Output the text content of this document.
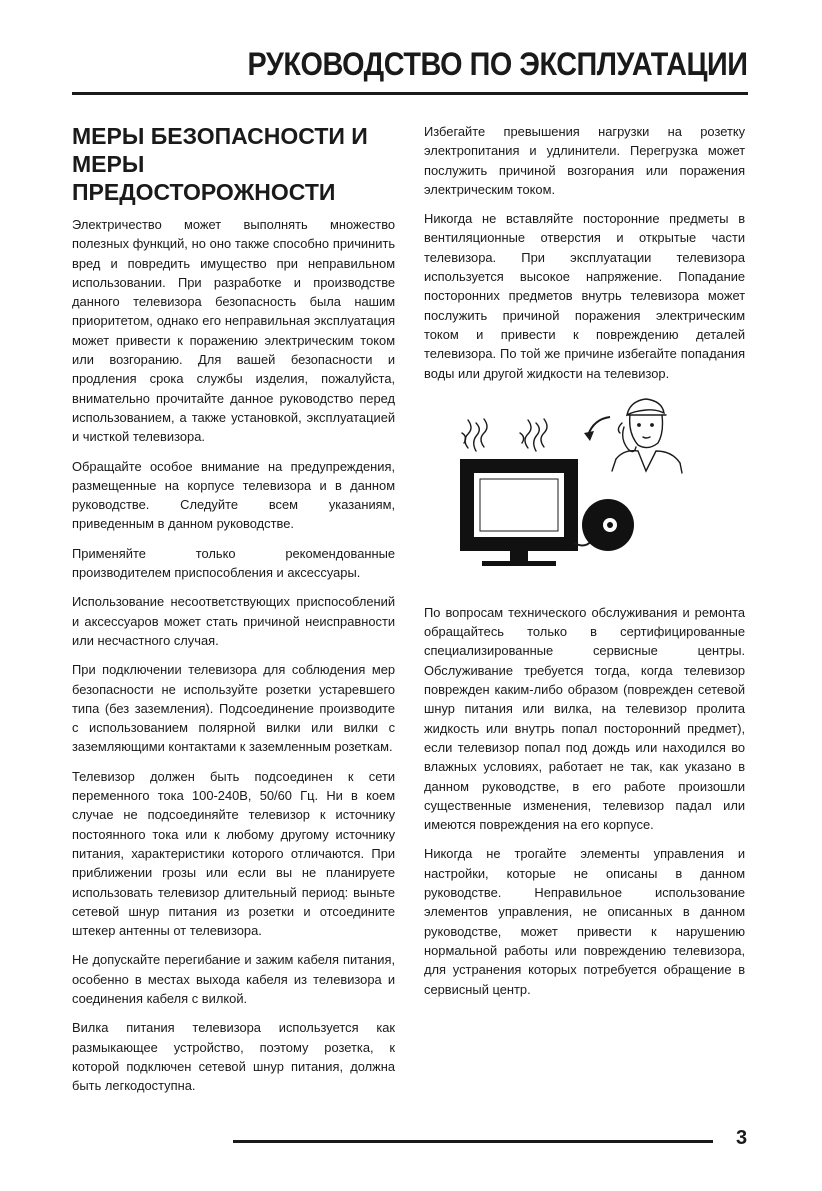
РУКОВОДСТВО ПО ЭКСПЛУАТАЦИИ
МЕРЫ БЕЗОПАСНОСТИ И МЕРЫ ПРЕДОСТОРОЖНОСТИ

Электричество может выполнять множество полезных функций, но оно также способно причинить вред и повредить имущество при неправильном использовании. При разработке и производстве данного телевизора безопасность была нашим приоритетом, однако его неправильная эксплуатация может привести к поражению электрическим током или возгоранию. Для вашей безопасности и продления срока службы изделия, пожалуйста, внимательно прочитайте данное руководство перед использованием, а также установкой, эксплуатацией и чисткой телевизора.

Обращайте особое внимание на предупреждения, размещенные на корпусе телевизора и в данном руководстве. Следуйте всем указаниям, приведенным в данном руководстве.

Применяйте только рекомендованные производителем приспособления и аксессуары.

Использование несоответствующих приспособлений и аксессуаров может стать причиной неисправности или несчастного случая.

При подключении телевизора для соблюдения мер безопасности не используйте розетки устаревшего типа (без заземления). Подсоединение производите с использованием полярной вилки или вилки с заземляющими контактами к заземленным розеткам.

Телевизор должен быть подсоединен к сети переменного тока 100-240В, 50/60 Гц. Ни в коем случае не подсоединяйте телевизор к источнику постоянного тока или к любому другому источнику питания, характеристики которого отличаются. При приближении грозы или если вы не планируете использовать телевизор длительный период: выньте сетевой шнур питания из розетки и отсоедините штекер антенны от телевизора.

Не допускайте перегибание и зажим кабеля питания, особенно в местах выхода кабеля из телевизора и соединения кабеля с вилкой.

Вилка питания телевизора используется как размыкающее устройство, поэтому розетка, к которой подключен сетевой шнур питания, должна быть легкодоступна.

Избегайте превышения нагрузки на розетку электропитания и удлинители. Перегрузка может послужить причиной возгорания или поражения электрическим током.

Никогда не вставляйте посторонние предметы в вентиляционные отверстия и открытые части телевизора. При эксплуатации телевизора используется высокое напряжение. Попадание посторонних предметов внутрь телевизора может послужить причиной поражения электрическим током и привести к повреждению деталей телевизора. По той же причине избегайте попадания воды или другой жидкости на телевизор.

По вопросам технического обслуживания и ремонта обращайтесь только в сертифицированные специализированные сервисные центры. Обслуживание требуется тогда, когда телевизор поврежден каким-либо образом (поврежден сетевой шнур питания или вилка, на телевизор пролита жидкость или внутрь попал посторонний предмет), если телевизор попал под дождь или находился во влажных условиях, работает не так, как указано в данном руководстве, в его работе произошли существенные изменения, телевизор падал или имеются повреждения на его корпусе.

Никогда не трогайте элементы управления и настройки, которые не описаны в данном руководстве. Неправильное использование элементов управления, не описанных в данном руководстве, может привести к нарушению нормальной работы или повреждению телевизора, для устранения которых потребуется обращение в сервисный центр.

3
